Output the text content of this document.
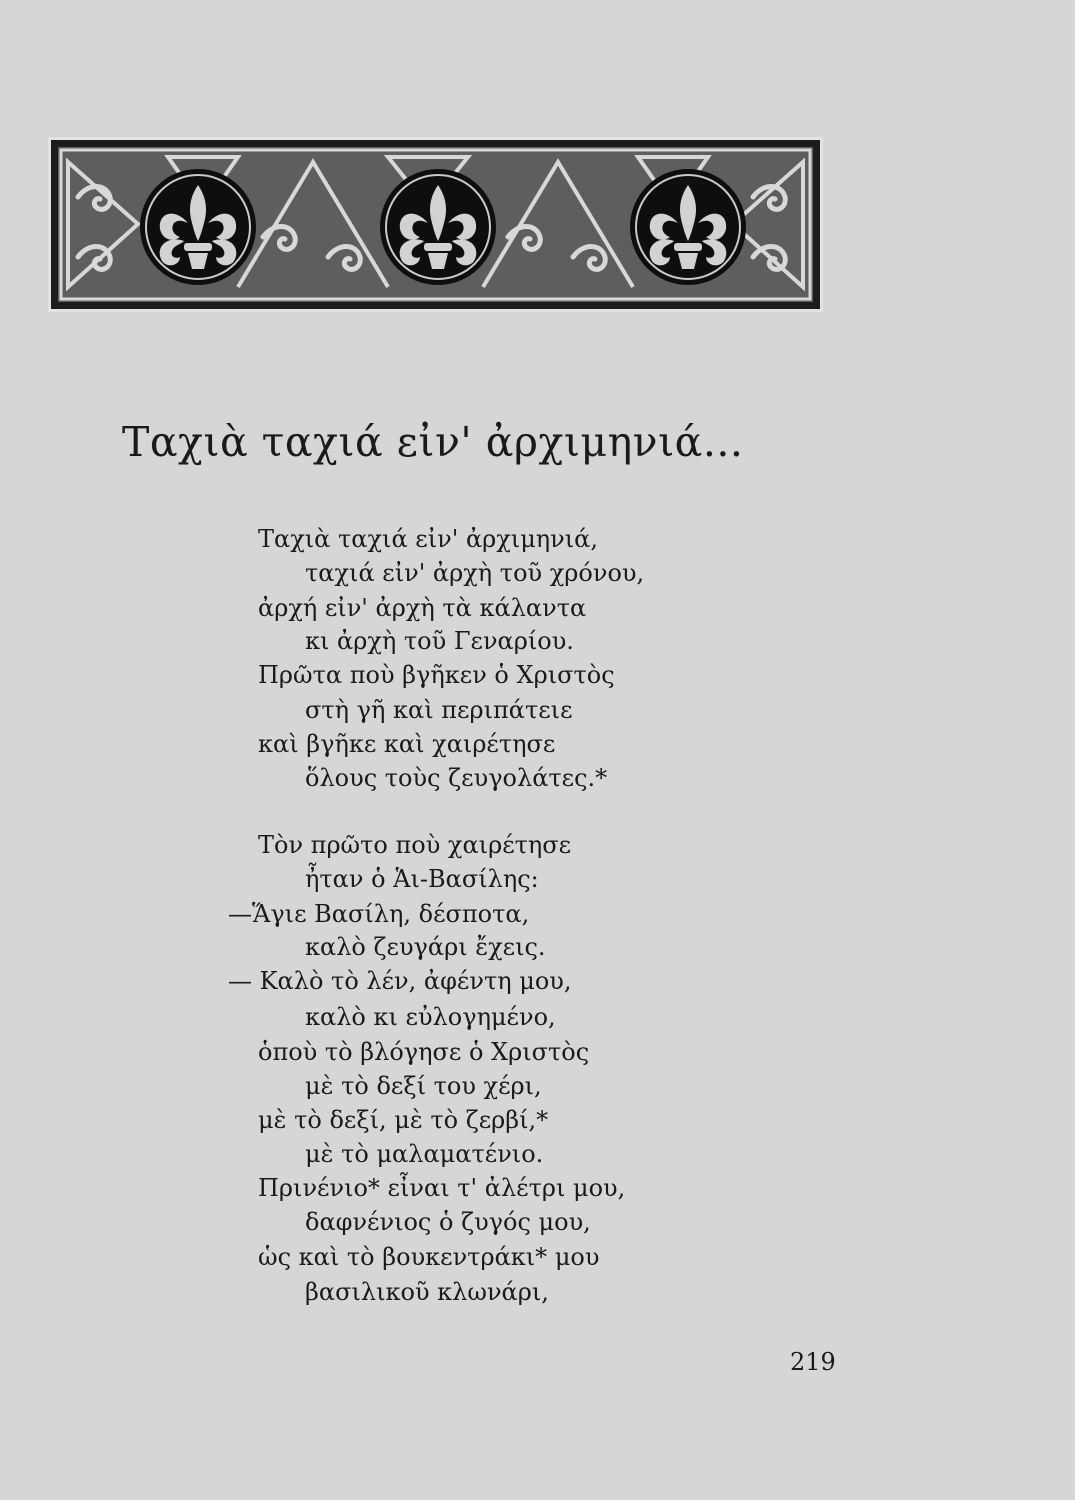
Ταχιὰ ταχιά εἰν' ἀρχιμηνιά...
Ταχιὰ ταχιά εἰν' ἀρχιμηνιά,
ταχιά εἰν' ἀρχὴ τοῦ χρόνου,
ἀρχή εἰν' ἀρχὴ τὰ κάλαντα
κι ἀρχὴ τοῦ Γεναρίου.
Πρῶτα ποὺ βγῆκεν ὁ Χριστὸς
στὴ γῆ καὶ περιπάτειε
καὶ βγῆκε καὶ χαιρέτησε
ὅλους τοὺς ζευγολάτες.*
Τὸν πρῶτο ποὺ χαιρέτησε
ἦταν ὁ Ἁι-Βασίλης:
—Ἅγιε Βασίλη, δέσποτα,
καλὸ ζευγάρι ἔχεις.
— Καλὸ τὸ λέν, ἀφέντη μου,
καλὸ κι εὐλογημένο,
ὁποὺ τὸ βλόγησε ὁ Χριστὸς
μὲ τὸ δεξί του χέρι,
μὲ τὸ δεξί, μὲ τὸ ζερβί,*
μὲ τὸ μαλαματένιο.
Πρινένιο* εἶναι τ' ἀλέτρι μου,
δαφνένιος ὁ ζυγός μου,
ὡς καὶ τὸ βουκεντράκι* μου
βασιλικοῦ κλωνάρι,
219
